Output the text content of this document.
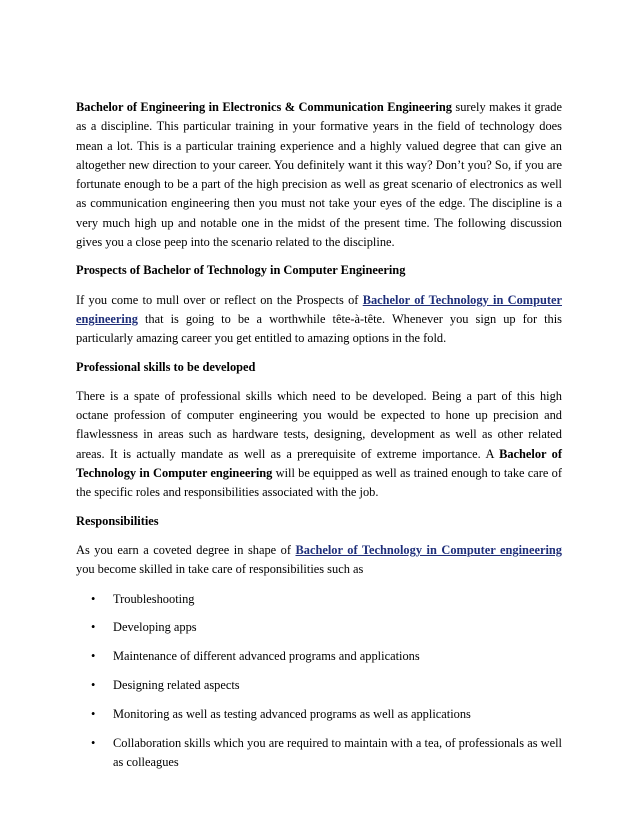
Bachelor of Engineering in Electronics & Communication Engineering surely makes it grade as a discipline. This particular training in your formative years in the field of technology does mean a lot. This is a particular training experience and a highly valued degree that can give an altogether new direction to your career. You definitely want it this way? Don’t you? So, if you are fortunate enough to be a part of the high precision as well as great scenario of electronics as well as communication engineering then you must not take your eyes of the edge. The discipline is a very much high up and notable one in the midst of the present time. The following discussion gives you a close peep into the scenario related to the discipline.

Prospects of Bachelor of Technology in Computer Engineering

If you come to mull over or reflect on the Prospects of Bachelor of Technology in Computer engineering that is going to be a worthwhile tête-à-tête. Whenever you sign up for this particularly amazing career you get entitled to amazing options in the fold.

Professional skills to be developed

There is a spate of professional skills which need to be developed. Being a part of this high octane profession of computer engineering you would be expected to hone up precision and flawlessness in areas such as hardware tests, designing, development as well as other related areas. It is actually mandate as well as a prerequisite of extreme importance. A Bachelor of Technology in Computer engineering will be equipped as well as trained enough to take care of the specific roles and responsibilities associated with the job.

Responsibilities

As you earn a coveted degree in shape of Bachelor of Technology in Computer engineering you become skilled in take care of responsibilities such as

• Troubleshooting
• Developing apps
• Maintenance of different advanced programs and applications
• Designing related aspects
• Monitoring as well as testing advanced programs as well as applications
• Collaboration skills which you are required to maintain with a tea, of professionals as well as colleagues
